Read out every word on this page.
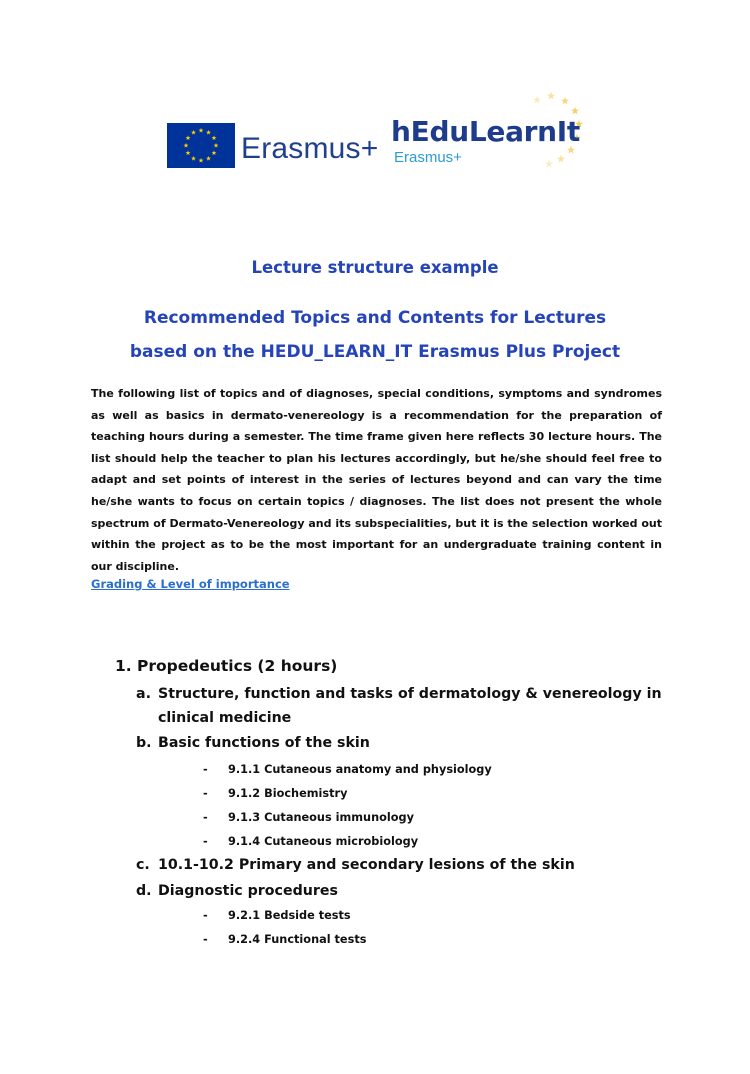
Erasmus+
hEduLearnIt
Erasmus+
Lecture structure example
Recommended Topics and Contents for Lectures
based on the HEDU_LEARN_IT Erasmus Plus Project
The following list of topics and of diagnoses, special conditions, symptoms and syndromes as well as basics in dermato-venereology is a recommendation for the preparation of teaching hours during a semester. The time frame given here reflects 30 lecture hours. The list should help the teacher to plan his lectures accordingly, but he/she should feel free to adapt and set points of interest in the series of lectures beyond and can vary the time he/she wants to focus on certain topics / diagnoses. The list does not present the whole spectrum of Dermato-Venereology and its subspecialities, but it is the selection worked out within the project as to be the most important for an undergraduate training content in our discipline.
Grading & Level of importance
1. Propedeutics (2 hours)
a. Structure, function and tasks of dermatology & venereology in
clinical medicine
b. Basic functions of the skin
- 9.1.1 Cutaneous anatomy and physiology
- 9.1.2 Biochemistry
- 9.1.3 Cutaneous immunology
- 9.1.4 Cutaneous microbiology
c. 10.1-10.2 Primary and secondary lesions of the skin
d. Diagnostic procedures
- 9.2.1 Bedside tests
- 9.2.4 Functional tests
